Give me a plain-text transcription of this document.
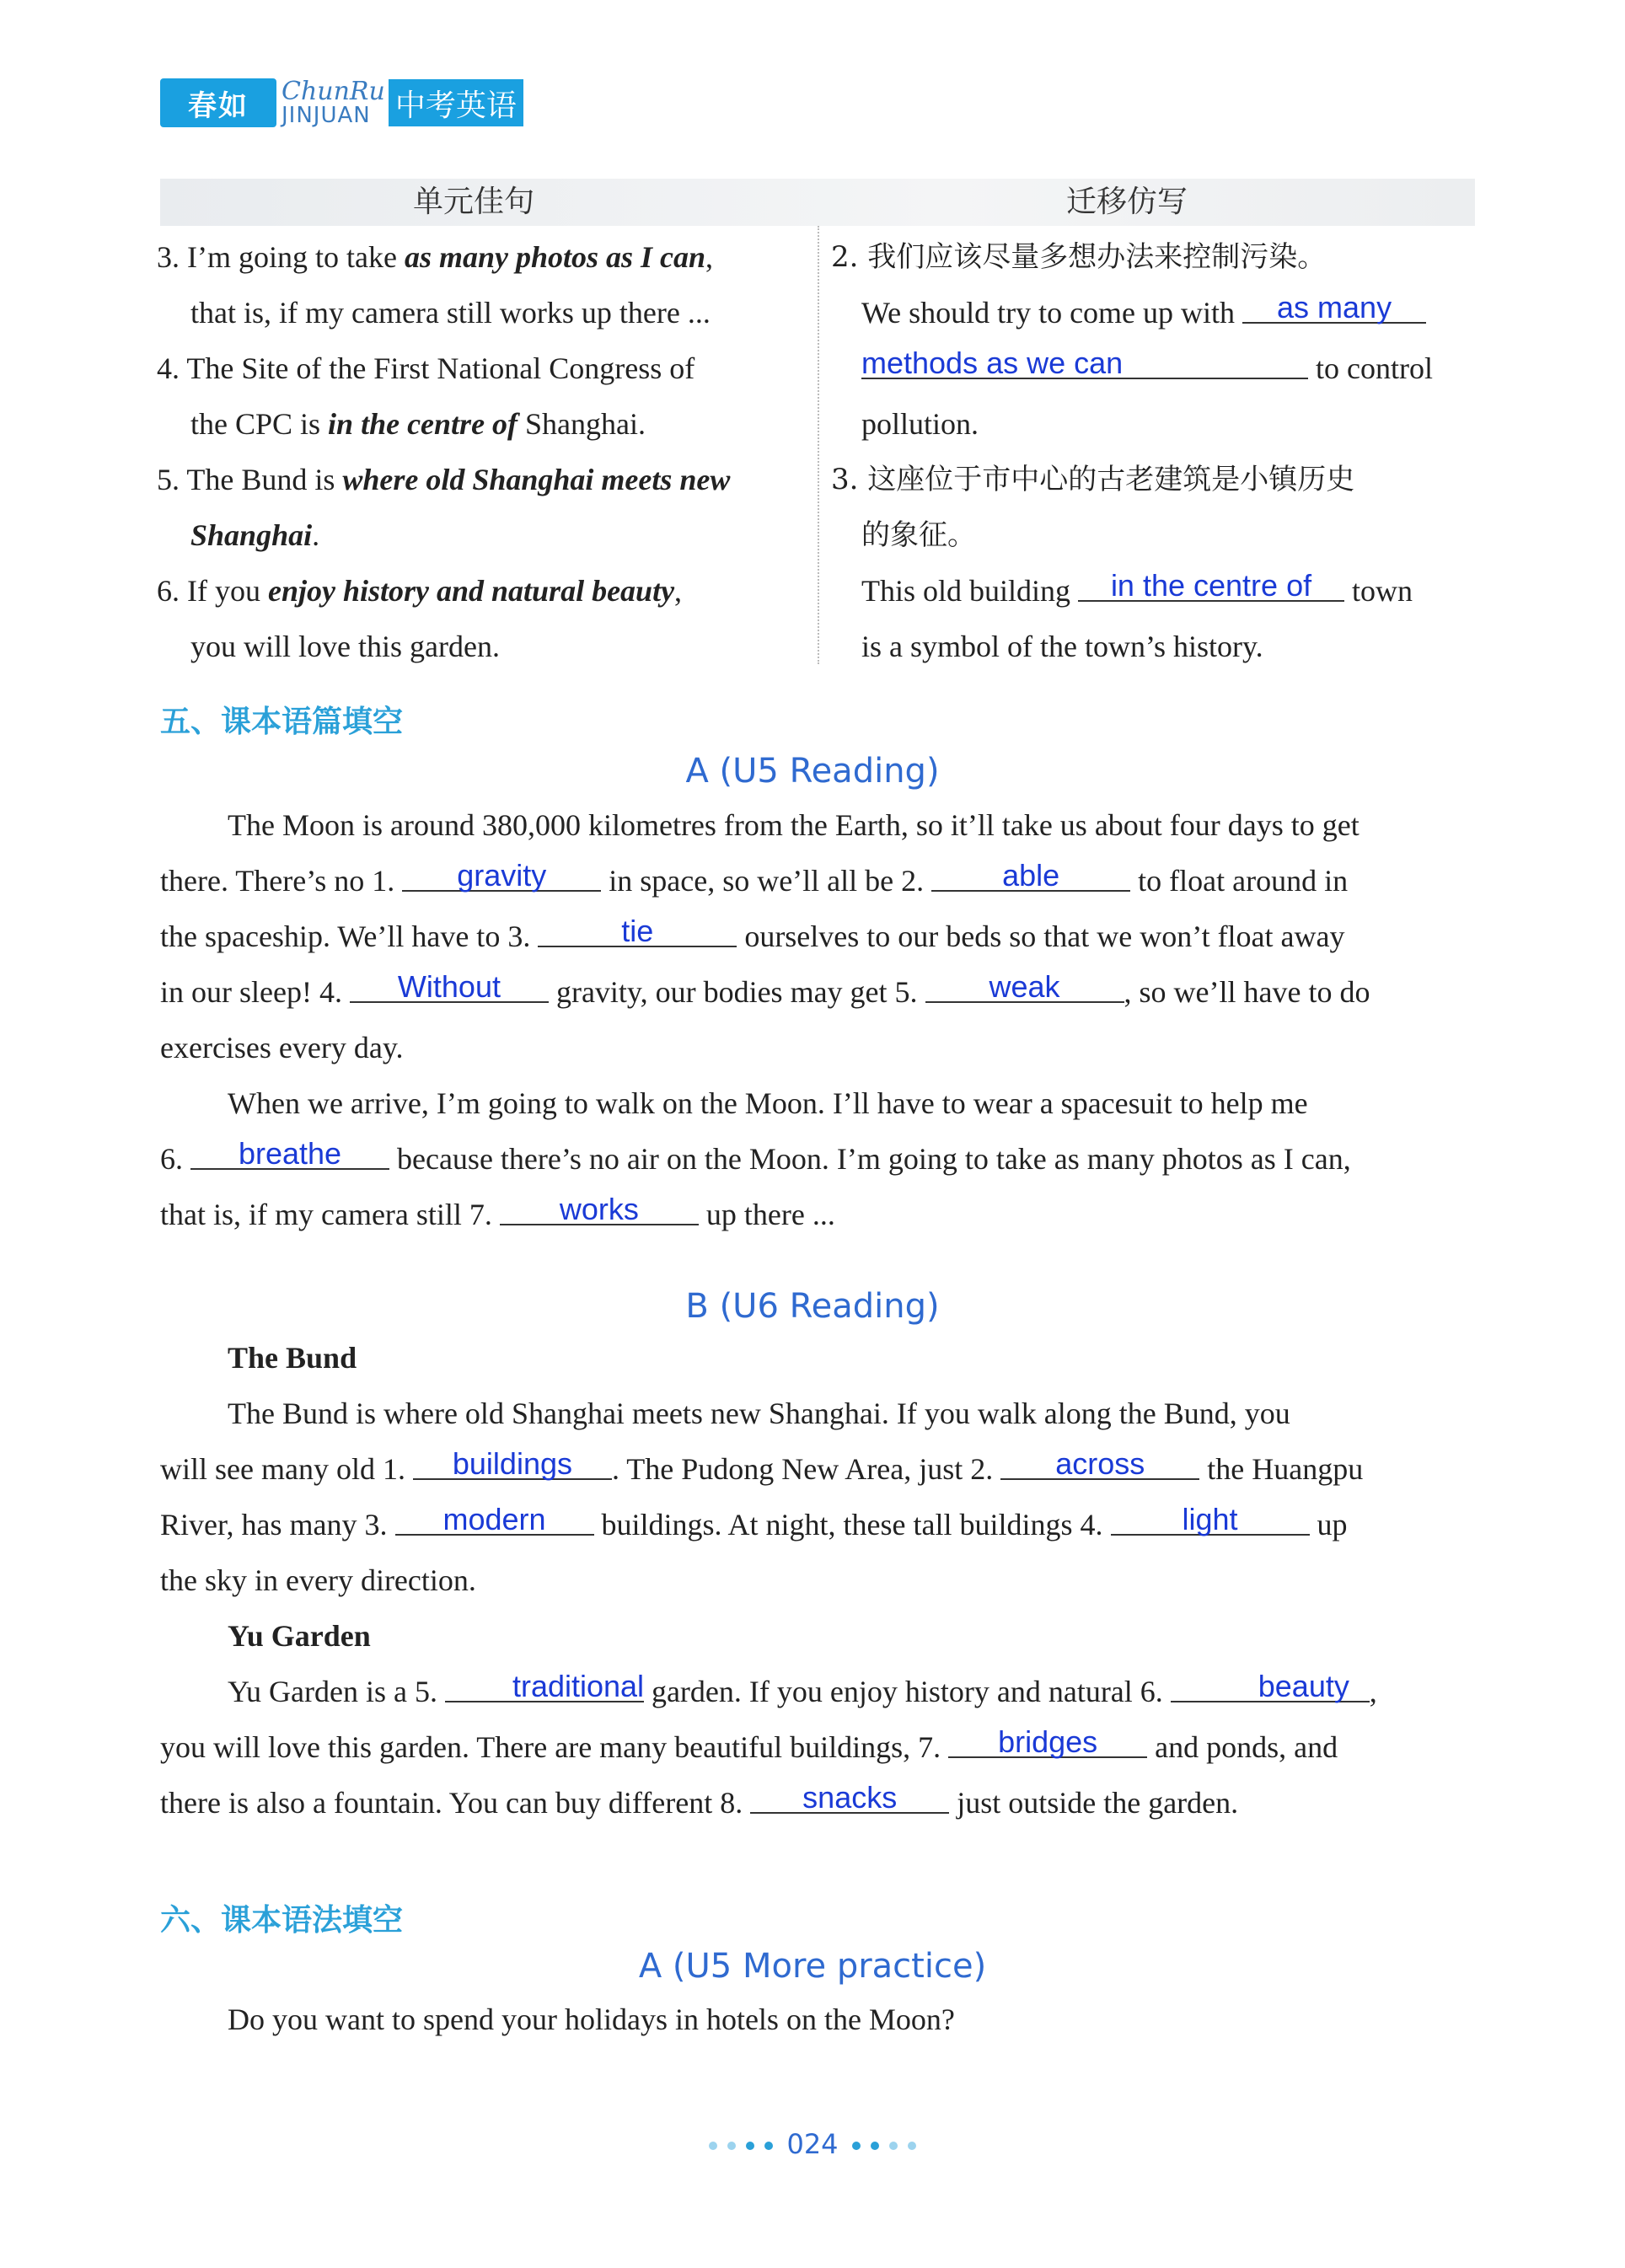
春如	ChunRu
JINJUAN 中考英语
单元佳句	迁移仿写
3. I’m going to take as many photos as I can,
that is, if my camera still works up there ...
4. The Site of the First National Congress of
the CPC is in the centre of Shanghai.
5. The Bund is where old Shanghai meets new
Shanghai.
6. If you enjoy history and natural beauty,
you will love this garden.
2. 我们应该尽量多想办法来控制污染。
We should try to come up with as many
methods as we can	to control
pollution.
3. 这座位于市中心的古老建筑是小镇历史
的象征。
This old building in the centre of town
is a symbol of the town’s history.
五、课本语篇填空
A (U5 Reading)
The Moon is around 380,000 kilometres from the Earth, so it’ll take us about four days to get
there. There’s no 1. gravity in space, so we’ll all be 2. able to float around in
the spaceship. We’ll have to 3.	tie	ourselves to our beds so that we won’t float away
in our sleep! 4. Without gravity, our bodies may get 5. weak , so we’ll have to do
exercises every day.
When we arrive, I’m going to walk on the Moon. I’ll have to wear a spacesuit to help me
6. breathe because there’s no air on the Moon. I’m going to take as many photos as I can,
that is, if my camera still 7. works up there ...
B (U6 Reading)
The Bund
The Bund is where old Shanghai meets new Shanghai. If you walk along the Bund, you
will see many old 1. buildings . The Pudong New Area, just 2. across the Huangpu
River, has many 3. modern buildings. At night, these tall buildings 4. light up
the sky in every direction.
Yu Garden
Yu Garden is a 5. traditional garden. If you enjoy history and natural 6.	beauty ,
you will love this garden. There are many beautiful buildings, 7. bridges and ponds, and
there is also a fountain. You can buy different 8. snacks just outside the garden.
六、课本语法填空
A (U5 More practice)
Do you want to spend your holidays in hotels on the Moon?
024
